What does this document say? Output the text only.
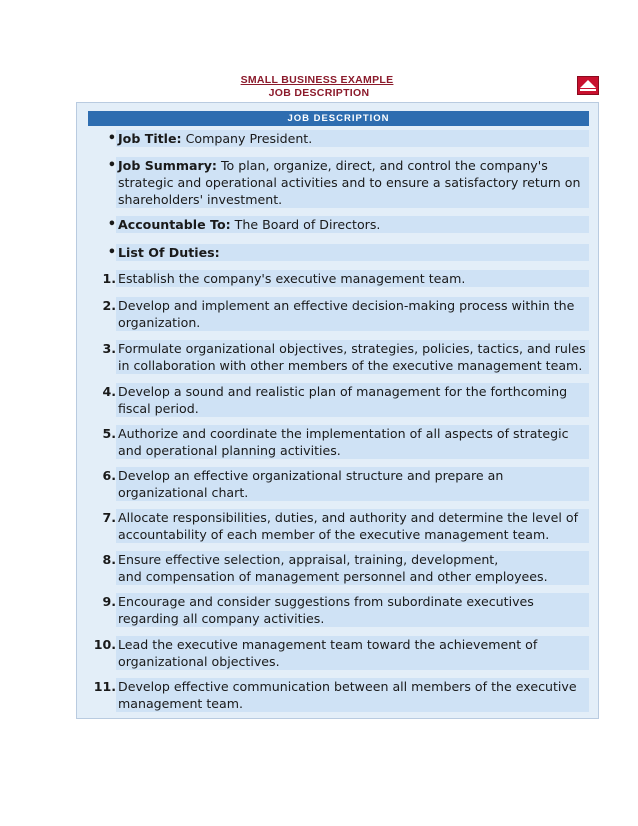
SMALL BUSINESS EXAMPLE
JOB DESCRIPTION
JOB DESCRIPTION
• Job Title: Company President.
• Job Summary: To plan, organize, direct, and control the company's
strategic and operational activities and to ensure a satisfactory return on
shareholders' investment.
• Accountable To: The Board of Directors.
• List Of Duties:
1. Establish the company's executive management team.
2. Develop and implement an effective decision-making process within the
organization.
3. Formulate organizational objectives, strategies, policies, tactics, and rules
in collaboration with other members of the executive management team.
4. Develop a sound and realistic plan of management for the forthcoming
fiscal period.
5. Authorize and coordinate the implementation of all aspects of strategic
and operational planning activities.
6. Develop an effective organizational structure and prepare an
organizational chart.
7. Allocate responsibilities, duties, and authority and determine the level of
accountability of each member of the executive management team.
8. Ensure effective selection, appraisal, training, development,
and compensation of management personnel and other employees.
9. Encourage and consider suggestions from subordinate executives
regarding all company activities.
10. Lead the executive management team toward the achievement of
organizational objectives.
11. Develop effective communication between all members of the executive
management team.
